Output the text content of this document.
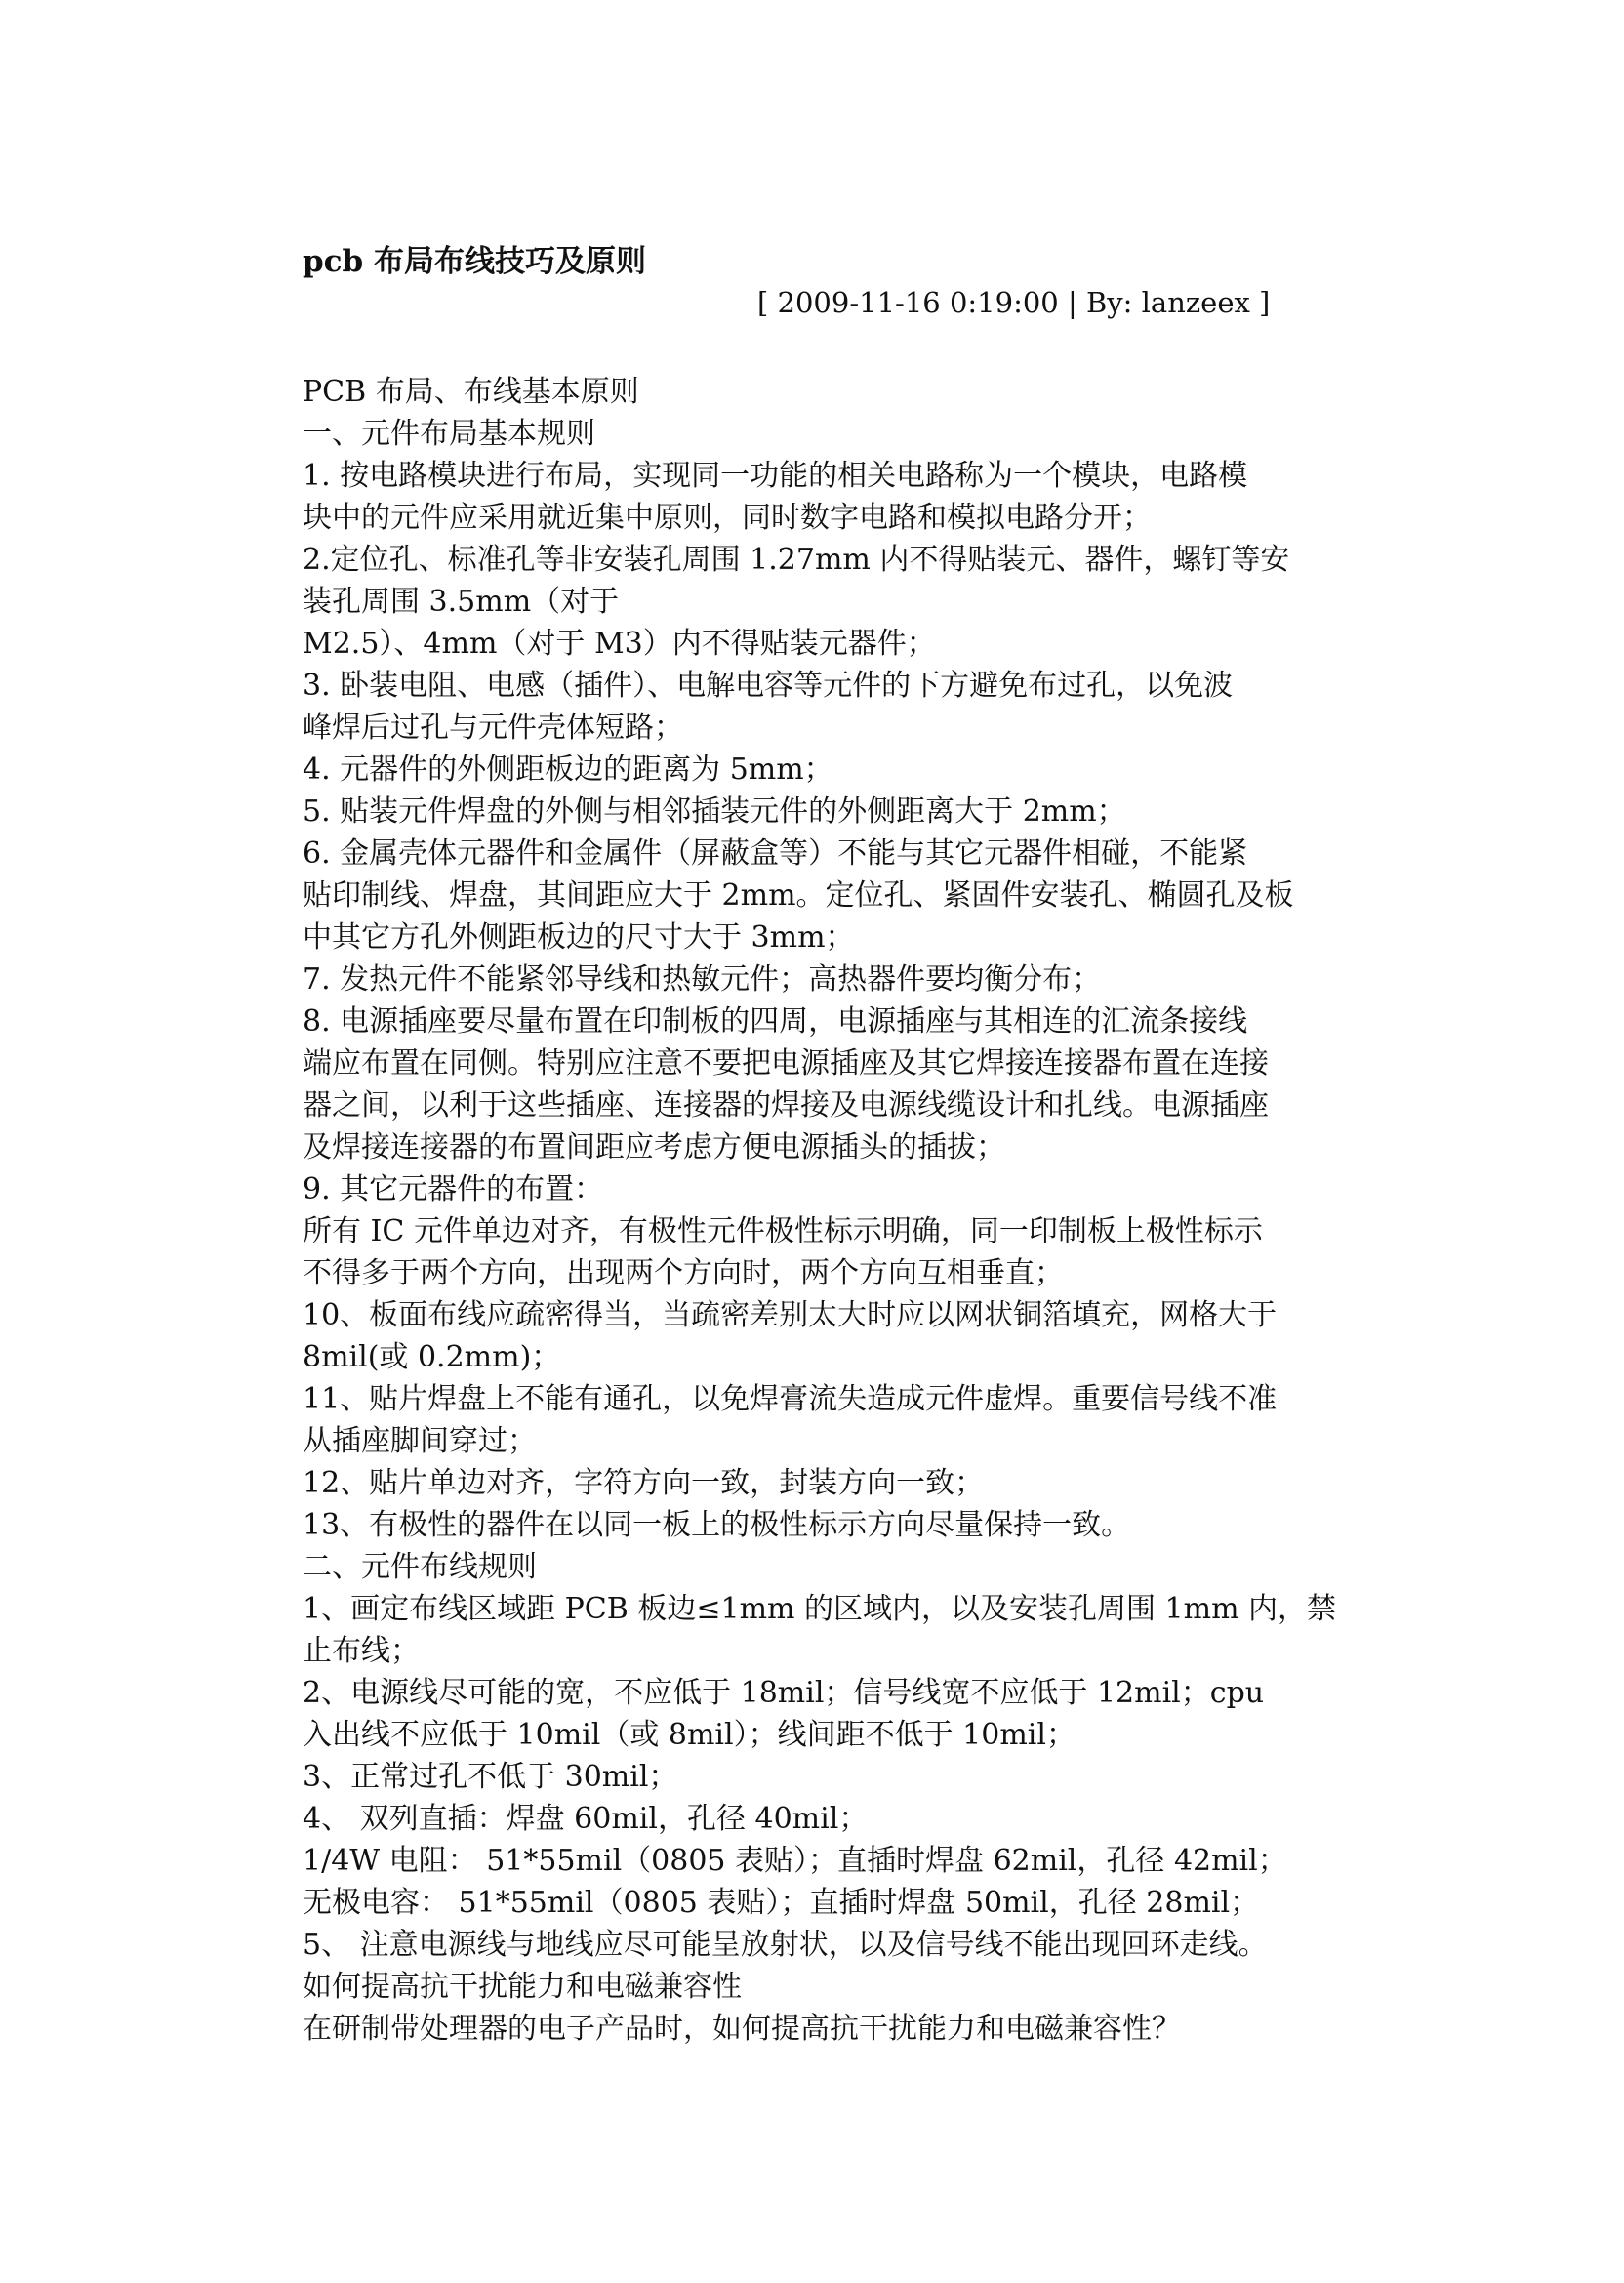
pcb 布局布线技巧及原则
[ 2009-11-16 0:19:00 | By: lanzeex ]

PCB 布局、布线基本原则

一、元件布局基本规则

1. 按电路模块进行布局，实现同一功能的相关电路称为一个模块，电路模

块中的元件应采用就近集中原则，同时数字电路和模拟电路分开；

2.定位孔、标准孔等非安装孔周围 1.27mm 内不得贴装元、器件，螺钉等安

装孔周围 3.5mm（对于

M2.5）、4mm（对于 M3）内不得贴装元器件；

3. 卧装电阻、电感（插件）、电解电容等元件的下方避免布过孔，以免波

峰焊后过孔与元件壳体短路；

4. 元器件的外侧距板边的距离为 5mm；

5. 贴装元件焊盘的外侧与相邻插装元件的外侧距离大于 2mm；

6. 金属壳体元器件和金属件（屏蔽盒等）不能与其它元器件相碰，不能紧

贴印制线、焊盘，其间距应大于 2mm。定位孔、紧固件安装孔、椭圆孔及板

中其它方孔外侧距板边的尺寸大于 3mm；

7. 发热元件不能紧邻导线和热敏元件；高热器件要均衡分布；

8. 电源插座要尽量布置在印制板的四周，电源插座与其相连的汇流条接线

端应布置在同侧。特别应注意不要把电源插座及其它焊接连接器布置在连接

器之间，以利于这些插座、连接器的焊接及电源线缆设计和扎线。电源插座

及焊接连接器的布置间距应考虑方便电源插头的插拔；

9. 其它元器件的布置：

所有 IC 元件单边对齐，有极性元件极性标示明确，同一印制板上极性标示

不得多于两个方向，出现两个方向时，两个方向互相垂直；

10、板面布线应疏密得当，当疏密差别太大时应以网状铜箔填充，网格大于

8mil(或 0.2mm)；

11、贴片焊盘上不能有通孔，以免焊膏流失造成元件虚焊。重要信号线不准

从插座脚间穿过；

12、贴片单边对齐，字符方向一致，封装方向一致；

13、有极性的器件在以同一板上的极性标示方向尽量保持一致。

二、元件布线规则

1、画定布线区域距 PCB 板边≤1mm 的区域内，以及安装孔周围 1mm 内，禁

止布线；

2、电源线尽可能的宽，不应低于 18mil；信号线宽不应低于 12mil；cpu

入出线不应低于 10mil（或 8mil）；线间距不低于 10mil；

3、正常过孔不低于 30mil；

4、 双列直插：焊盘 60mil，孔径 40mil；

1/4W 电阻： 51*55mil（0805 表贴）；直插时焊盘 62mil，孔径 42mil；

无极电容： 51*55mil（0805 表贴）；直插时焊盘 50mil，孔径 28mil；

5、 注意电源线与地线应尽可能呈放射状，以及信号线不能出现回环走线。

如何提高抗干扰能力和电磁兼容性

在研制带处理器的电子产品时，如何提高抗干扰能力和电磁兼容性？
